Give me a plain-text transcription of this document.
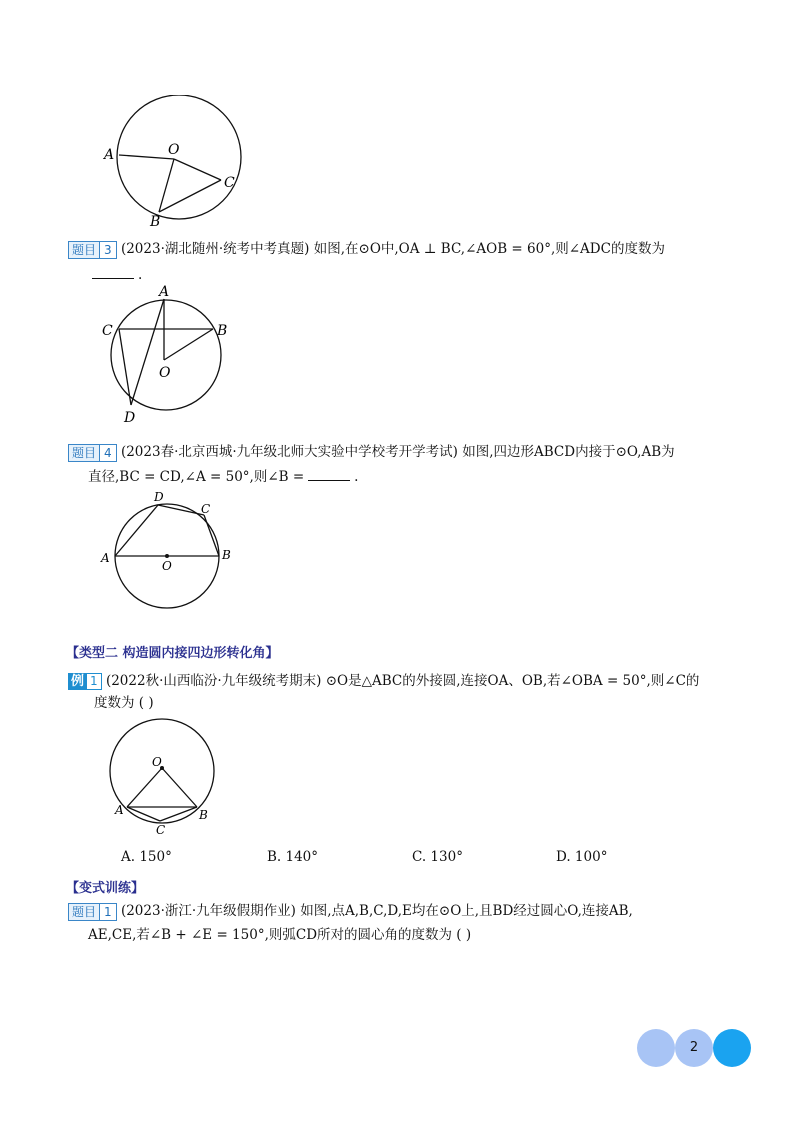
A	O
C
B
题目 3 (2023·湖北随州·统考中考真题) 如图,在⊙O中,OA ⊥ BC,∠AOB = 60°,则∠ADC的度数为
.
A
B
C
O
D
题目 4 (2023春·北京西城·九年级北师大实验中学校考开学考试) 如图,四边形ABCD内接于⊙O,AB为
直径,BC = CD,∠A = 50°,则∠B =	.
A	B
C
D
O
【类型二 构造圆内接四边形转化角】
例 1 (2022秋·山西临汾·九年级统考期末) ⊙O是△ABC的外接圆,连接OA、OB,若∠OBA = 50°,则∠C的
度数为 ( )
O
A	B
C
A. 150°	B. 140°	C. 130°	D. 100°
【变式训练】
题目 1 (2023·浙江·九年级假期作业) 如图,点A,B,C,D,E均在⊙O上,且BD经过圆心O,连接AB,
AE,CE,若∠B + ∠E = 150°,则弧CD所对的圆心角的度数为 ( )
2
